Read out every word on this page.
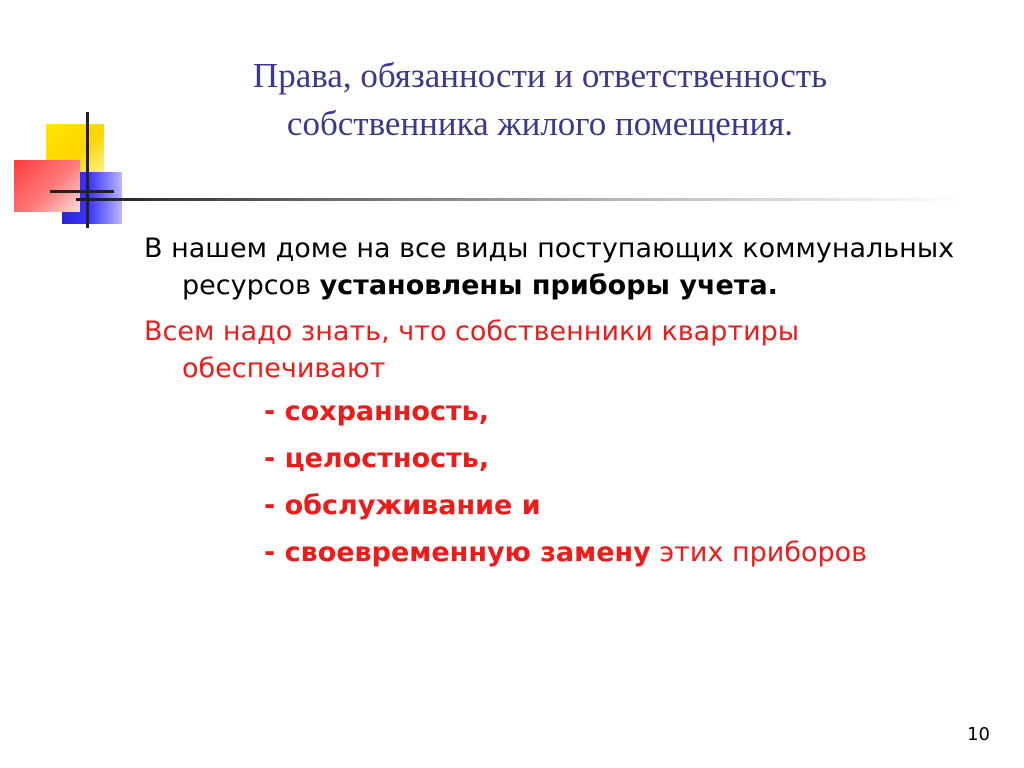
Права, обязанности и ответственность
собственника жилого помещения.

В нашем доме на все виды поступающих коммунальных ресурсов установлены приборы учета.

Всем надо знать, что собственники квартиры обеспечивают

- сохранность,

- целостность,

- обслуживание и

- своевременную замену этих приборов

10
